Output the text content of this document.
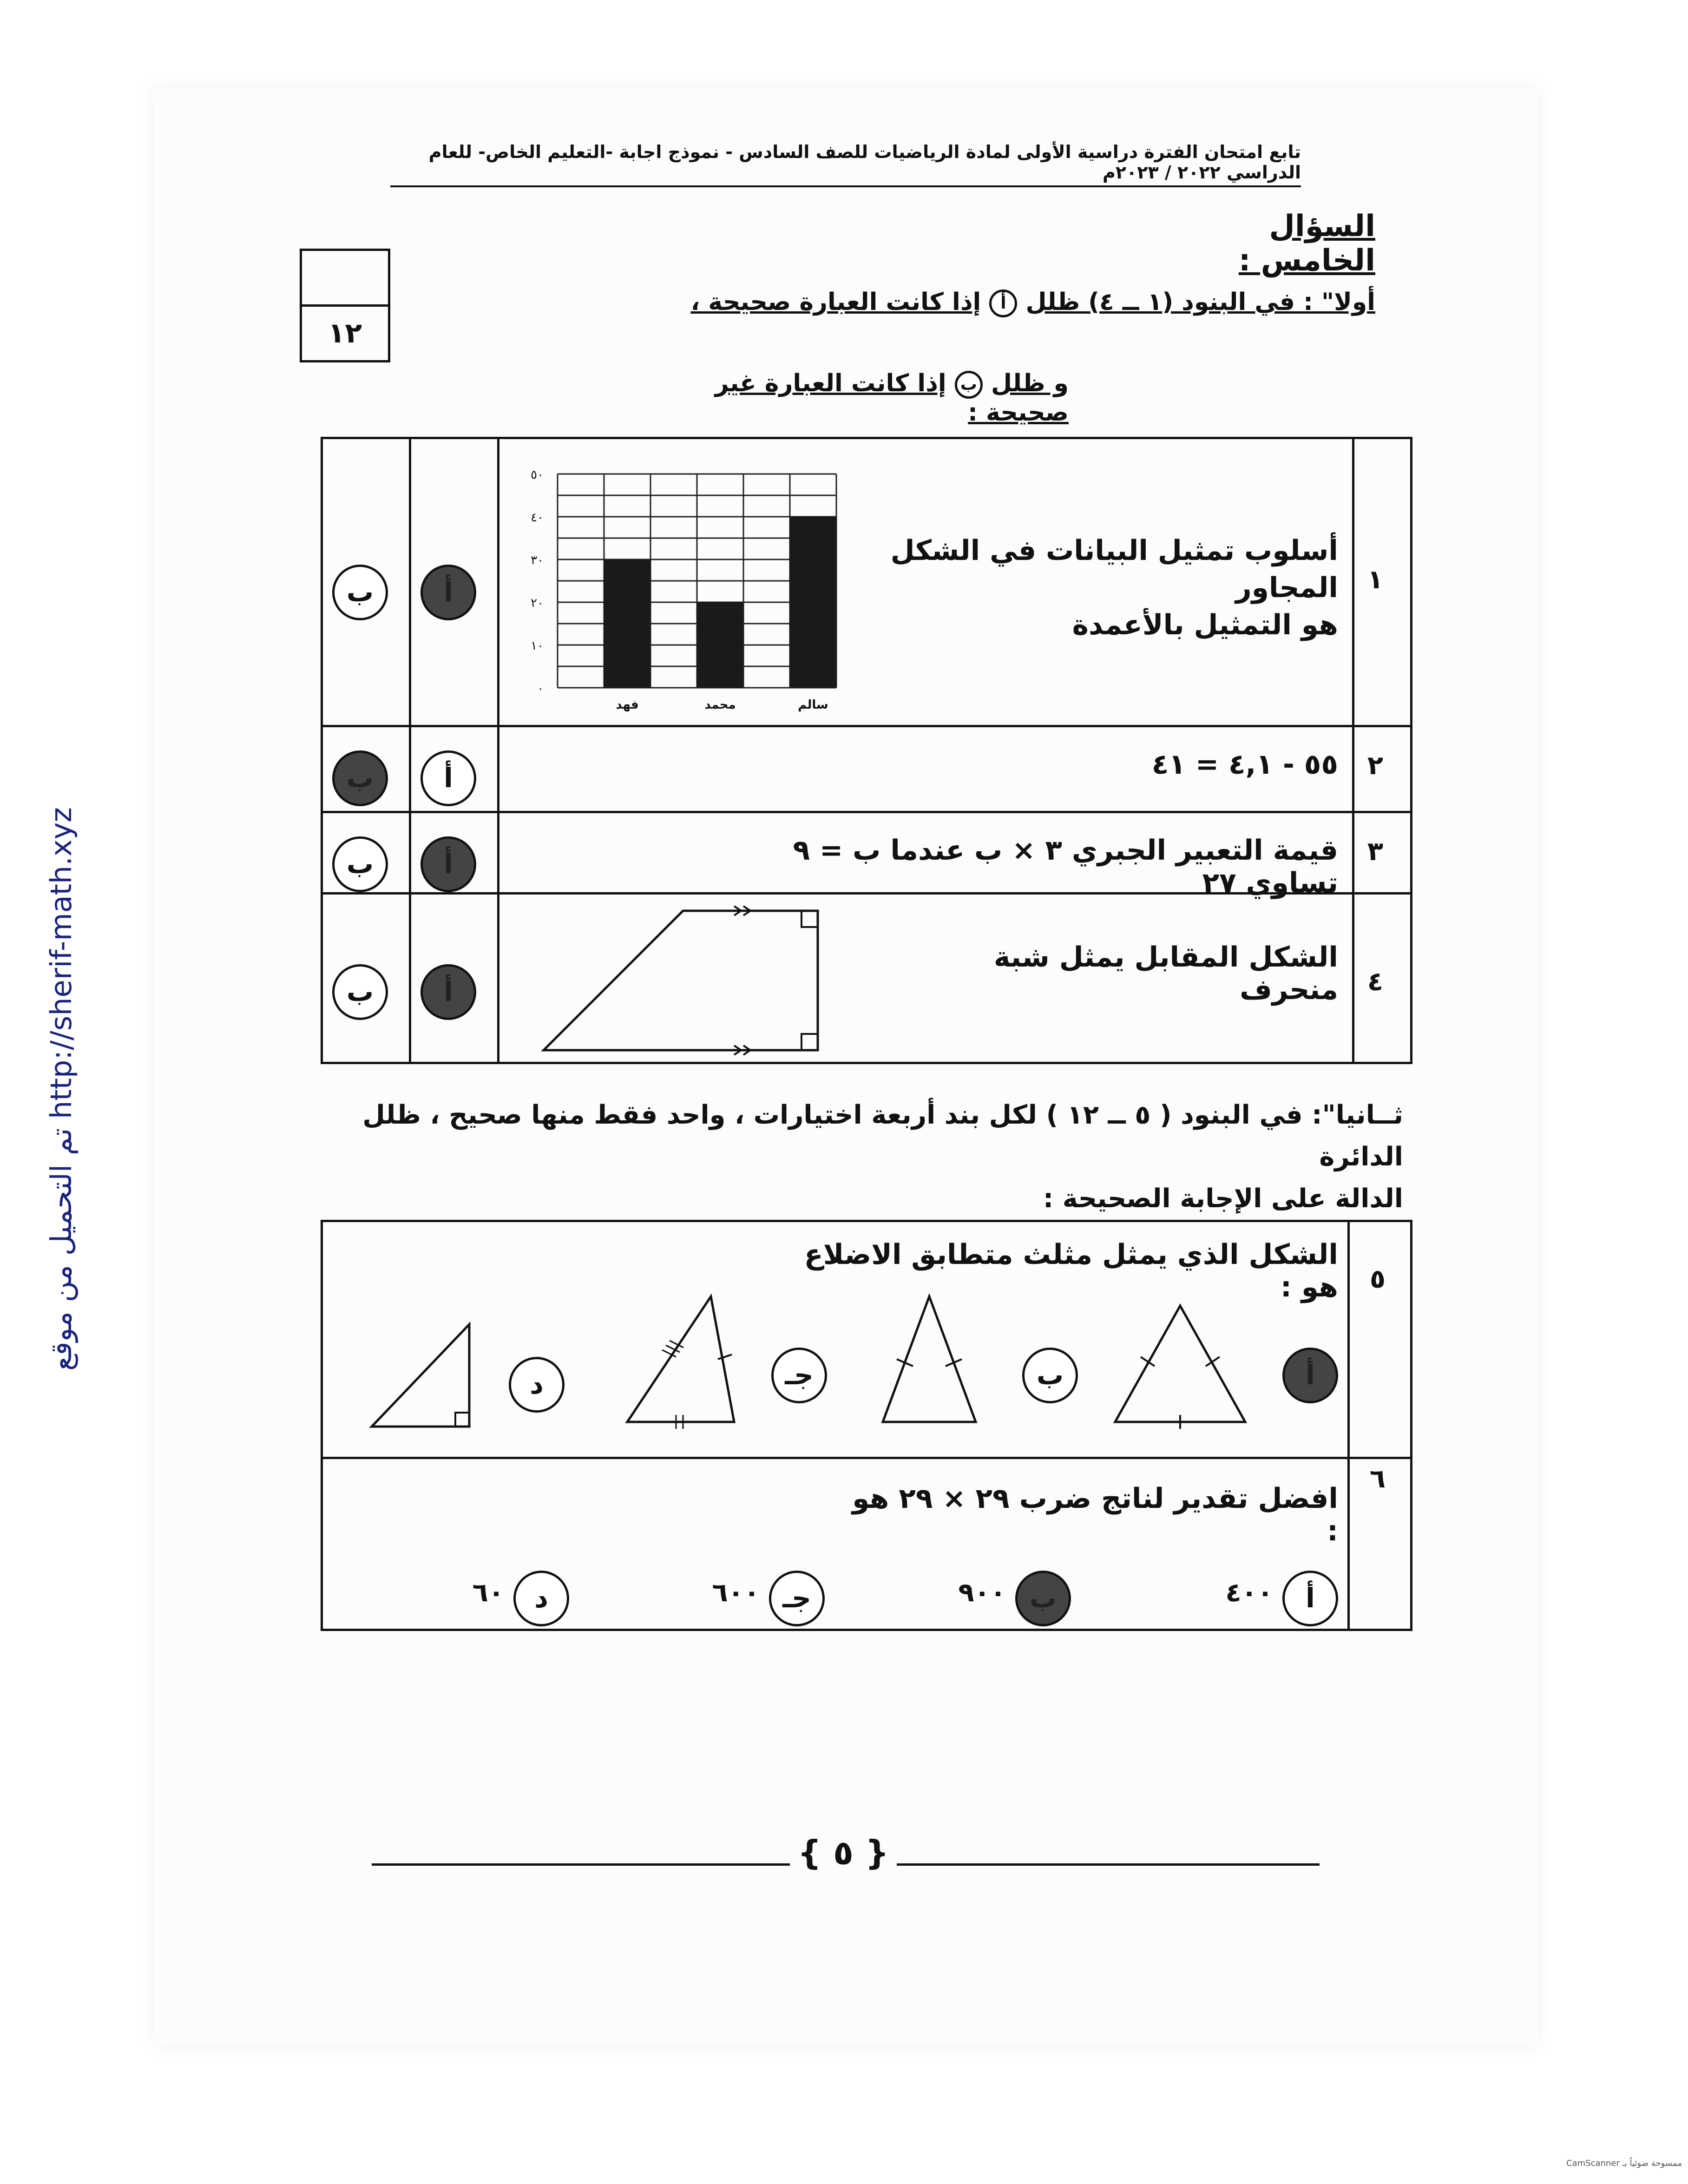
تابع امتحان الفترة دراسية الأولى لمادة الرياضيات للصف السادس - نموذج اجابة -التعليم الخاص- للعام الدراسي ٢٠٢٢ / ٢٠٢٣م
السؤال الخامس :
١٢
أولا" : في البنود (١ ــ ٤) ظلل أ إذا كانت العبارة صحيحة ،
و ظلل ب إذا كانت العبارة غير صحيحة :
١
أسلوب تمثيل البيانات في الشكل المجاور
هو التمثيل بالأعمدة
أ
ب
٠
١٠
٢٠
٣٠
٤٠
٥٠
فهد	محمد	سالم
٢
٥٥ - ٤,١ = ٤١
أ
ب
٣
قيمة التعبير الجبري ٣ × ب عندما ب = ٩ تساوي ٢٧
أ
ب
٤
الشكل المقابل يمثل شبة منحرف
أ
ب
ثــانيا": في البنود ( ٥ ــ ١٢ ) لكل بند أربعة اختيارات ، واحد فقط منها صحيح ، ظلل الدائرة
الدالة على الإجابة الصحيحة :
٥
الشكل الذي يمثل مثلث متطابق الاضلاع هو :
أ
ب
جـ
د
٦
افضل تقدير لناتج ضرب ٢٩ × ٢٩ هو :
أ
٤٠٠
ب
٩٠٠
جـ
٦٠٠
د
٦٠
{ ٥ }
تم التحميل من موقع http://sherif-math.xyz
CamScanner ممسوحة ضوئياً بـ
